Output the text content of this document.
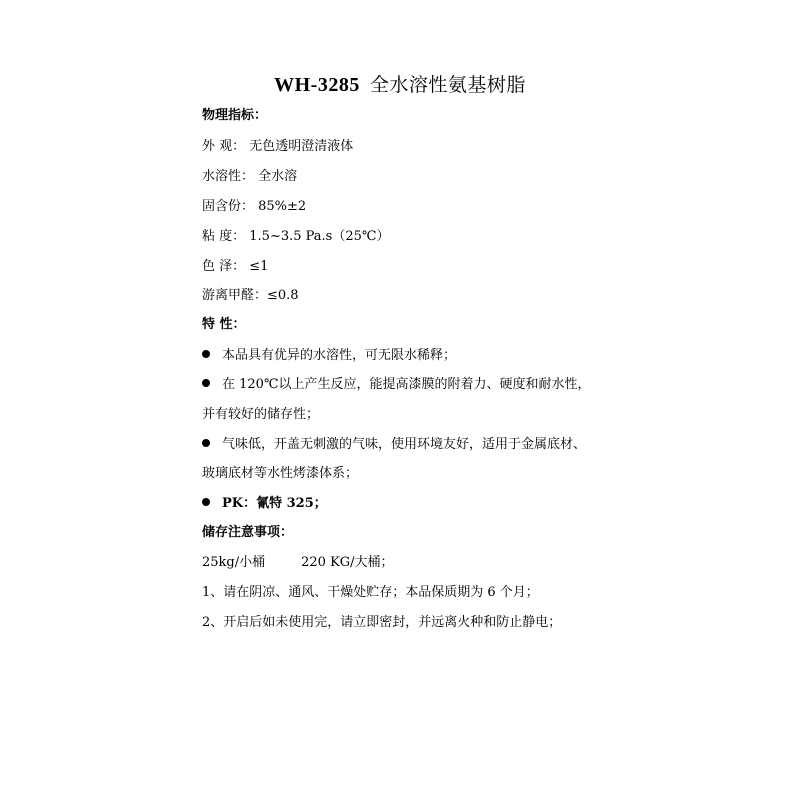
WH-3285 全水溶性氨基树脂
物理指标：
外 观： 无色透明澄清液体
水溶性： 全水溶
固含份： 85%±2
粘 度： 1.5~3.5 Pa.s（25℃）
色 泽： ≤1
游离甲醛：≤0.8
特 性：
本品具有优异的水溶性，可无限水稀释；
在 120℃以上产生反应，能提高漆膜的附着力、硬度和耐水性，
并有较好的储存性；
气味低，开盖无刺激的气味，使用环境友好，适用于金属底材、
玻璃底材等水性烤漆体系；
PK：氰特 325；
储存注意事项：
25kg/小桶	220 KG/大桶；
1、请在阴凉、通风、干燥处贮存；本品保质期为 6 个月；
2、开启后如未使用完，请立即密封，并远离火种和防止静电；
